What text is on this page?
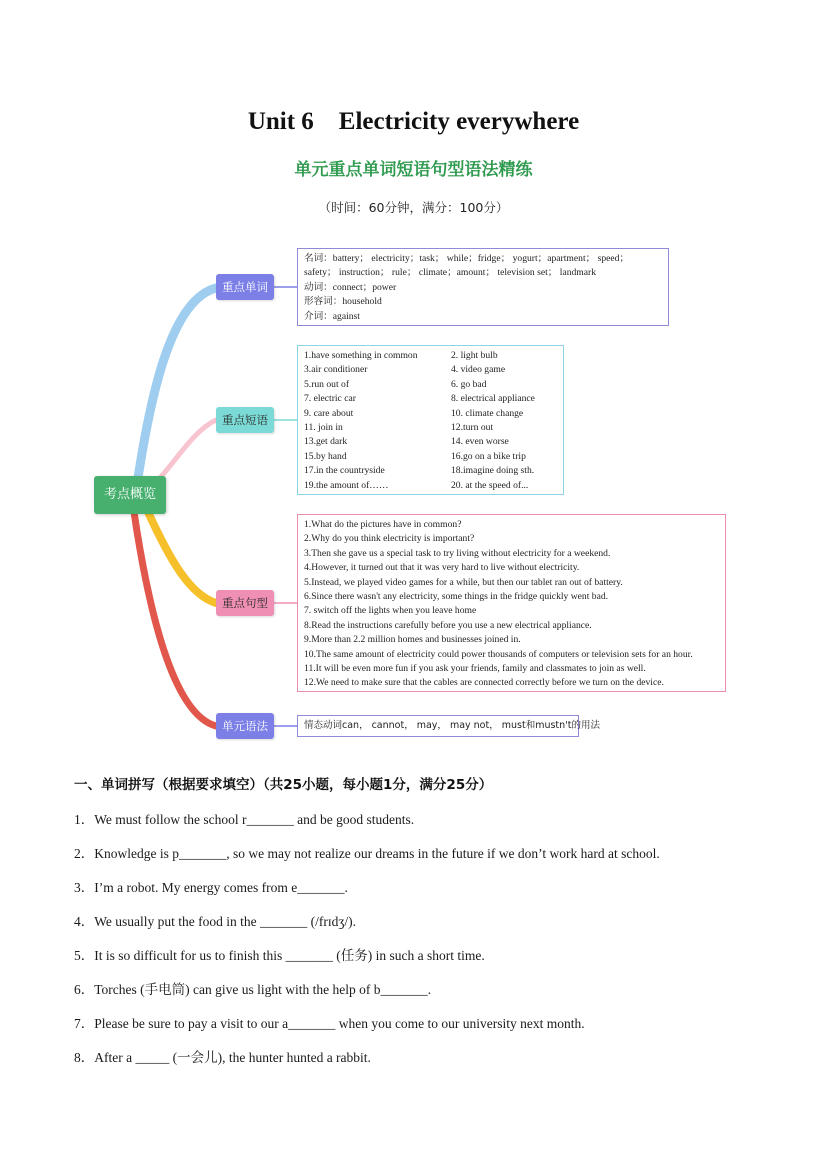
Unit 6 Electricity everywhere
单元重点单词短语句型语法精练
（时间：60分钟，满分：100分）
考点概览
重点单词
重点短语
重点句型
单元语法
名词：battery； electricity；task； while；fridge； yogurt；apartment； speed；
safety； instruction； rule； climate；amount； television set； landmark
动词：connect；power
形容词：household
介词：against
1.have something in common	2. light bulb
3.air conditioner	4. video game
5.run out of	6. go bad
7. electric car	8. electrical appliance
9. care about	10. climate change
11. join in	12.turn out
13.get dark	14. even worse
15.by hand	16.go on a bike trip
17.in the countryside	18.imagine doing sth.
19.the amount of……	20. at the speed of...
1.What do the pictures have in common?
2.Why do you think electricity is important?
3.Then she gave us a special task to try living without electricity for a weekend.
4.However, it turned out that it was very hard to live without electricity.
5.Instead, we played video games for a while, but then our tablet ran out of battery.
6.Since there wasn't any electricity, some things in the fridge quickly went bad.
7. switch off the lights when you leave home
8.Read the instructions carefully before you use a new electrical appliance.
9.More than 2.2 million homes and businesses joined in.
10.The same amount of electricity could power thousands of computers or television sets for an hour.
11.It will be even more fun if you ask your friends, family and classmates to join as well.
12.We need to make sure that the cables are connected correctly before we turn on the device.
情态动词can， cannot， may， may not， must和mustn't的用法
一、单词拼写（根据要求填空）（共25小题，每小题1分，满分25分）
1．We must follow the school r_______ and be good students.
2．Knowledge is p_______, so we may not realize our dreams in the future if we don’t work hard at school.
3．I’m a robot. My energy comes from e_______.
4．We usually put the food in the _______ (/frɪdʒ/).
5．It is so difficult for us to finish this _______ (任务) in such a short time.
6．Torches (手电筒) can give us light with the help of b_______.
7．Please be sure to pay a visit to our a_______ when you come to our university next month.
8．After a _____ (一会儿), the hunter hunted a rabbit.
